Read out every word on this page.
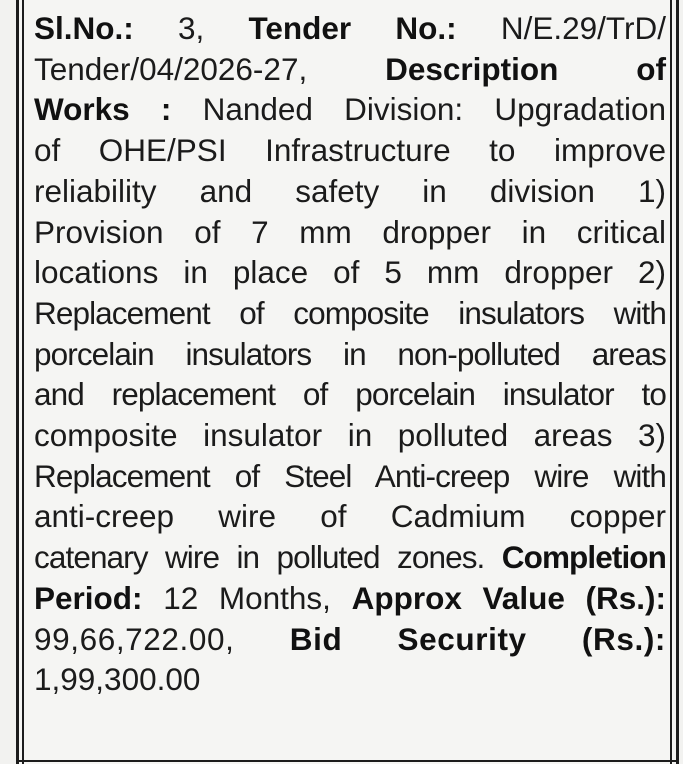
Sl.No.: 3, Tender No.: N/E.29/TrD/
Tender/04/2026-27, Description of
Works : Nanded Division: Upgradation
of OHE/PSI Infrastructure to improve
reliability and safety in division 1)
Provision of 7 mm dropper in critical
locations in place of 5 mm dropper 2)
Replacement of composite insulators with
porcelain insulators in non-polluted areas
and replacement of porcelain insulator to
composite insulator in polluted areas 3)
Replacement of Steel Anti-creep wire with
anti-creep wire of Cadmium copper
catenary wire in polluted zones. Completion
Period: 12 Months, Approx Value (Rs.):
99,66,722.00, Bid Security (Rs.):
1,99,300.00
